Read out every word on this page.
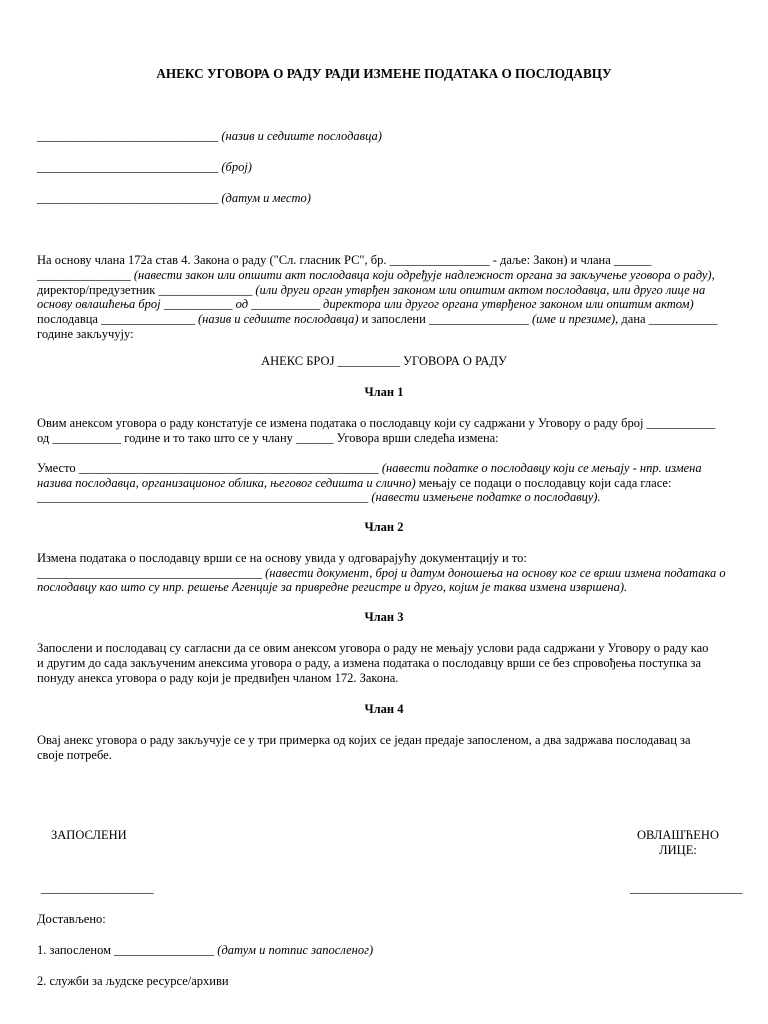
АНЕКС УГОВОРА О РАДУ РАДИ ИЗМЕНЕ ПОДАТАКА О ПОСЛОДАВЦУ
_____________________________ (назив и седиште послодавца)
_____________________________ (број)
_____________________________ (датум и место)
На основу члана 172а став 4. Закона о раду ("Сл. гласник РС", бр. ________________ - даље: Закон) и члана ______
_______________ (навести закон или опшити акт послодавца који одређује надлежност органа за закључење уговора о раду),
директор/предузетник _______________ (или други орган утврђен законом или општим актом послодавца, или друго лице на
основу овлашћења број ___________ од ___________ директора или другог органа утврђеног законом или општим актом)
послодавца _______________ (назив и седиште послодавца) и запослени ________________ (име и презиме), дана ___________
године закључују:
АНЕКС БРОЈ __________ УГОВОРА О РАДУ
Члан 1
Овим анексом уговора о раду констатује се измена података о послодавцу који су садржани у Уговору о раду број ___________
од ___________ године и то тако што се у члану ______ Уговора врши следећа измена:
Уместо ________________________________________________ (навести податке о послодавцу који се мењају - нпр. измена
назива послодавца, организационог облика, његовог седишта и слично) мењају се подаци о послодавцу који сада гласе:
_____________________________________________________ (навести измењене податке о послодавцу).
Члан 2
Измена података о послодавцу врши се на основу увида у одговарајућу документацију и то:
____________________________________ (навести документ, број и датум доношења на основу ког се врши измена података о
послодавцу као што су нпр. решење Агенције за привредне регистре и друго, којим је таква измена извршена).
Члан 3
Запослени и послодавац су сагласни да се овим анексом уговора о раду не мењају услови рада садржани у Уговору о раду као
и другим до сада закљученим анексима уговора о раду, а измена података о послодавцу врши се без спровођења поступка за
понуду анекса уговора о раду који је предвиђен чланом 172. Закона.
Члан 4
Овај анекс уговора о раду закључује се у три примерка од којих се један предаје запосленом, а два задржава послодавац за
своје потребе.
ЗАПОСЛЕНИ	ОВЛАШЋЕНО
ЛИЦЕ:
__________________	__________________
Достављено:
1. запосленом ________________ (датум и потпис запосленог)
2. служби за људске ресурсе/архиви
